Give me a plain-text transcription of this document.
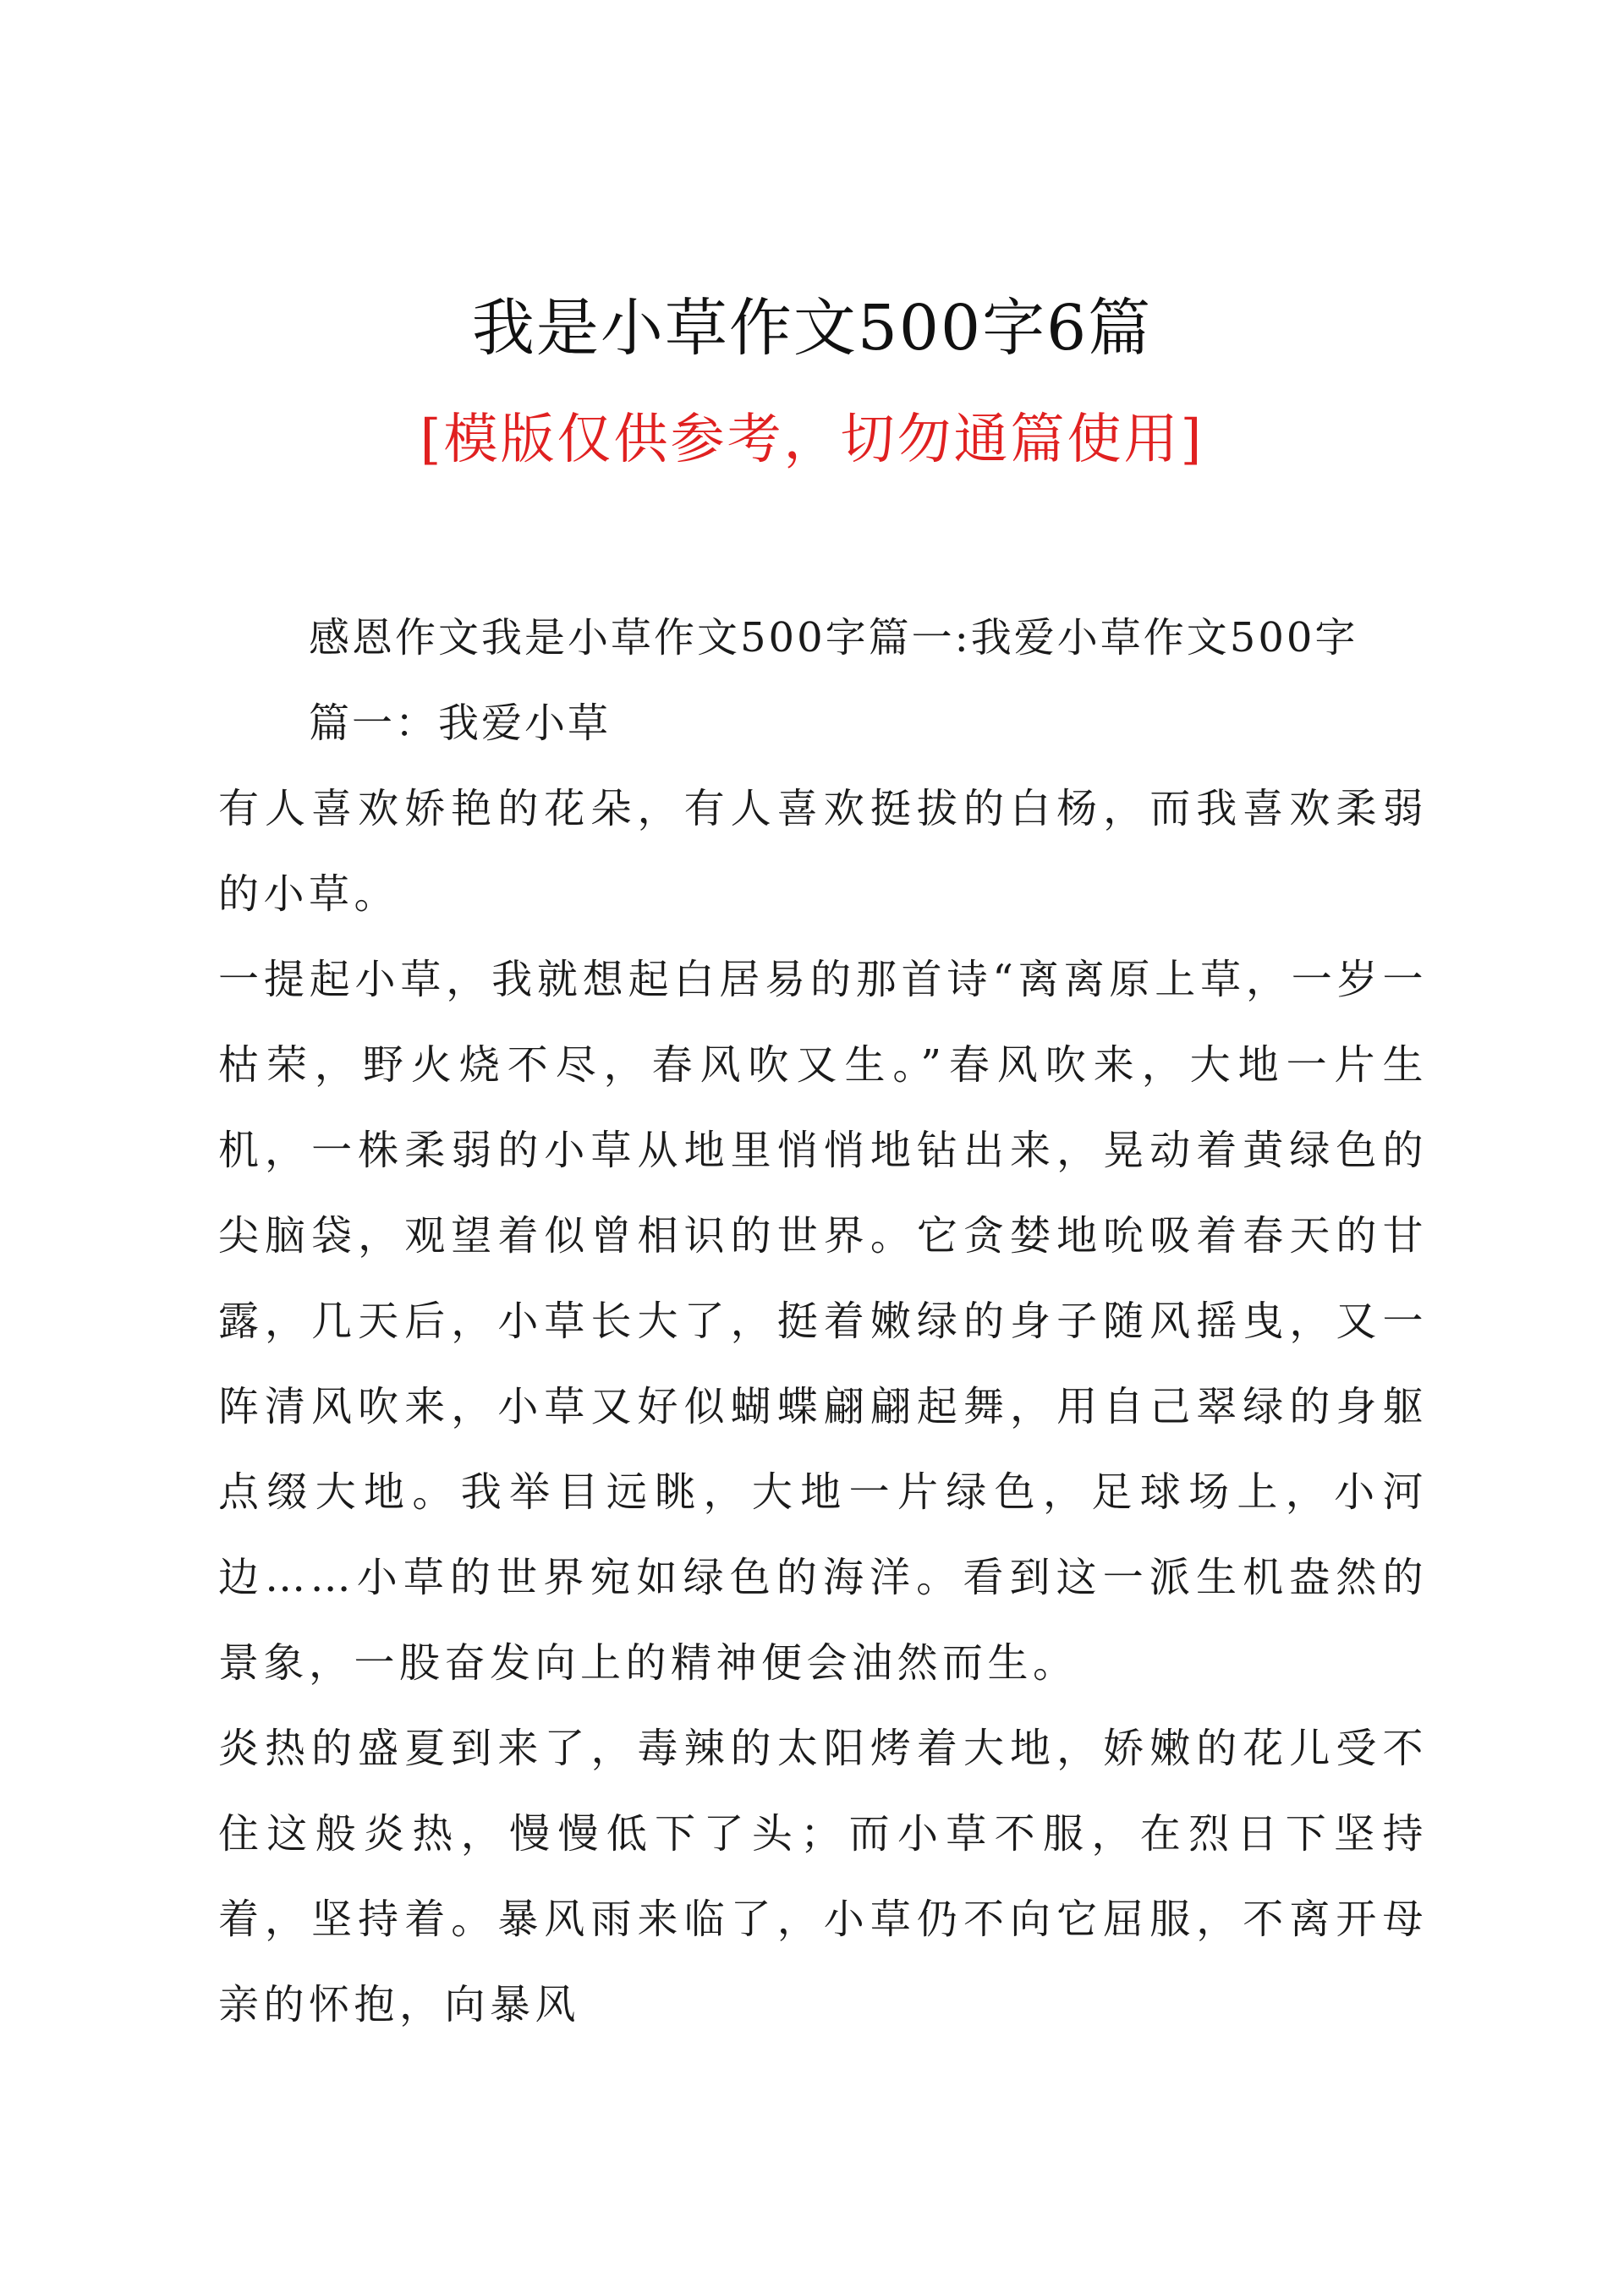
我是小草作文500字6篇
[模版仅供参考，切勿通篇使用]

感恩作文我是小草作文500字篇一:我爱小草作文500字

篇一：我爱小草

有人喜欢娇艳的花朵，有人喜欢挺拔的白杨，而我喜欢柔弱的小草。

一提起小草，我就想起白居易的那首诗“离离原上草，一岁一枯荣，野火烧不尽，春风吹又生。”春风吹来，大地一片生机，一株柔弱的小草从地里悄悄地钻出来，晃动着黄绿色的尖脑袋，观望着似曾相识的世界。它贪婪地吮吸着春天的甘露，几天后，小草长大了，挺着嫩绿的身子随风摇曳，又一阵清风吹来，小草又好似蝴蝶翩翩起舞，用自己翠绿的身躯点缀大地。我举目远眺，大地一片绿色，足球场上，小河边……小草的世界宛如绿色的海洋。看到这一派生机盎然的景象，一股奋发向上的精神便会油然而生。

炎热的盛夏到来了，毒辣的太阳烤着大地，娇嫩的花儿受不住这般炎热，慢慢低下了头；而小草不服，在烈日下坚持着，坚持着。暴风雨来临了，小草仍不向它屈服，不离开母亲的怀抱，向暴风
